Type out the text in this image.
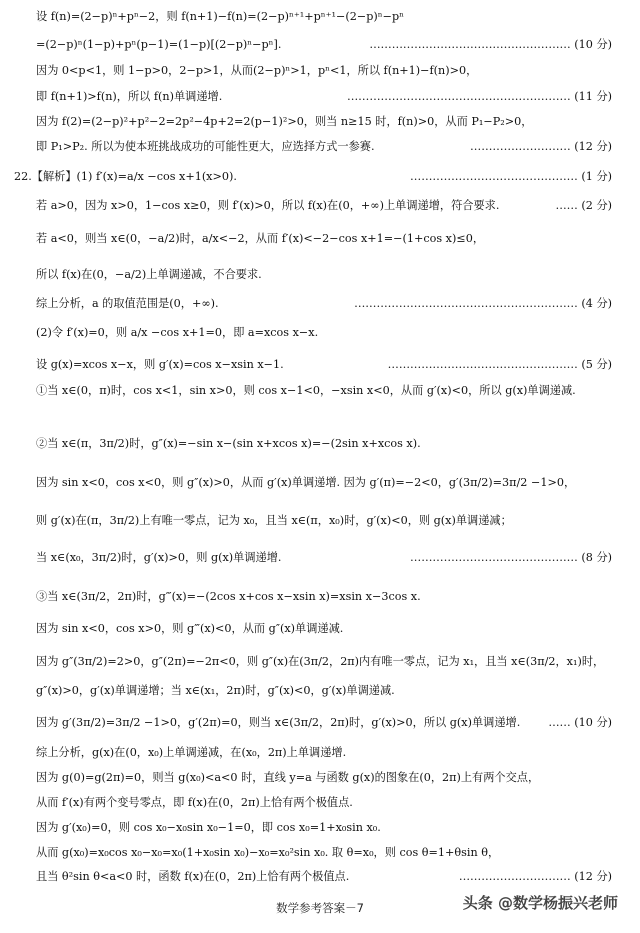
设 f(n)=(2−p)ⁿ+pⁿ−2，则 f(n+1)−f(n)=(2−p)ⁿ⁺¹+pⁿ⁺¹−(2−p)ⁿ−pⁿ
=(2−p)ⁿ(1−p)+pⁿ(p−1)=(1−p)[(2−p)ⁿ−pⁿ].	……………………………………………… (10 分)
因为 0<p<1，则 1−p>0，2−p>1，从而(2−p)ⁿ>1，pⁿ<1，所以 f(n+1)−f(n)>0，
即 f(n+1)>f(n)，所以 f(n)单调递增.	…………………………………………………… (11 分)
因为 f(2)=(2−p)²+p²−2=2p²−4p+2=2(p−1)²>0，则当 n≥15 时，f(n)>0，从而 P₁−P₂>0，
即 P₁>P₂. 所以为使本班挑战成功的可能性更大，应选择方式一参赛.	……………………… (12 分)
22.【解析】(1) f′(x)=a/x −cos x+1(x>0).	……………………………………… (1 分)
若 a>0，因为 x>0，1−cos x≥0，则 f′(x)>0，所以 f(x)在(0，+∞)上单调递增，符合要求.	…… (2 分)
若 a<0，则当 x∈(0，−a/2)时，a/x<−2，从而 f′(x)<−2−cos x+1=−(1+cos x)≤0，
所以 f(x)在(0，−a/2)上单调递减，不合要求.
综上分析，a 的取值范围是(0，+∞).	…………………………………………………… (4 分)
(2)令 f′(x)=0，则 a/x −cos x+1=0，即 a=xcos x−x.
设 g(x)=xcos x−x，则 g′(x)=cos x−xsin x−1.	…………………………………………… (5 分)
①当 x∈(0，π)时，cos x<1，sin x>0，则 cos x−1<0，−xsin x<0，从而 g′(x)<0，所以 g(x)单调递减.
②当 x∈(π，3π/2)时，g″(x)=−sin x−(sin x+xcos x)=−(2sin x+xcos x).
因为 sin x<0，cos x<0，则 g″(x)>0，从而 g′(x)单调递增. 因为 g′(π)=−2<0，g′(3π/2)=3π/2 −1>0，
则 g′(x)在(π，3π/2)上有唯一零点，记为 x₀，且当 x∈(π，x₀)时，g′(x)<0，则 g(x)单调递减；
当 x∈(x₀，3π/2)时，g′(x)>0，则 g(x)单调递增.	……………………………………… (8 分)
③当 x∈(3π/2，2π)时，g‴(x)=−(2cos x+cos x−xsin x)=xsin x−3cos x.
因为 sin x<0，cos x>0，则 g‴(x)<0，从而 g″(x)单调递减.
因为 g″(3π/2)=2>0，g″(2π)=−2π<0，则 g″(x)在(3π/2，2π)内有唯一零点，记为 x₁，且当 x∈(3π/2，x₁)时，
g″(x)>0，g′(x)单调递增；当 x∈(x₁，2π)时，g″(x)<0，g′(x)单调递减.
因为 g′(3π/2)=3π/2 −1>0，g′(2π)=0，则当 x∈(3π/2，2π)时，g′(x)>0，所以 g(x)单调递增.	…… (10 分)
综上分析，g(x)在(0，x₀)上单调递减，在(x₀，2π)上单调递增.
因为 g(0)=g(2π)=0，则当 g(x₀)<a<0 时，直线 y=a 与函数 g(x)的图象在(0，2π)上有两个交点，
从而 f′(x)有两个变号零点，即 f(x)在(0，2π)上恰有两个极值点.
因为 g′(x₀)=0，则 cos x₀−x₀sin x₀−1=0，即 cos x₀=1+x₀sin x₀.
从而 g(x₀)=x₀cos x₀−x₀=x₀(1+x₀sin x₀)−x₀=x₀²sin x₀. 取 θ=x₀，则 cos θ=1+θsin θ，
且当 θ²sin θ<a<0 时，函数 f(x)在(0，2π)上恰有两个极值点.	………………………… (12 分)
数学参考答案－7	头条 @数学杨振兴老师
